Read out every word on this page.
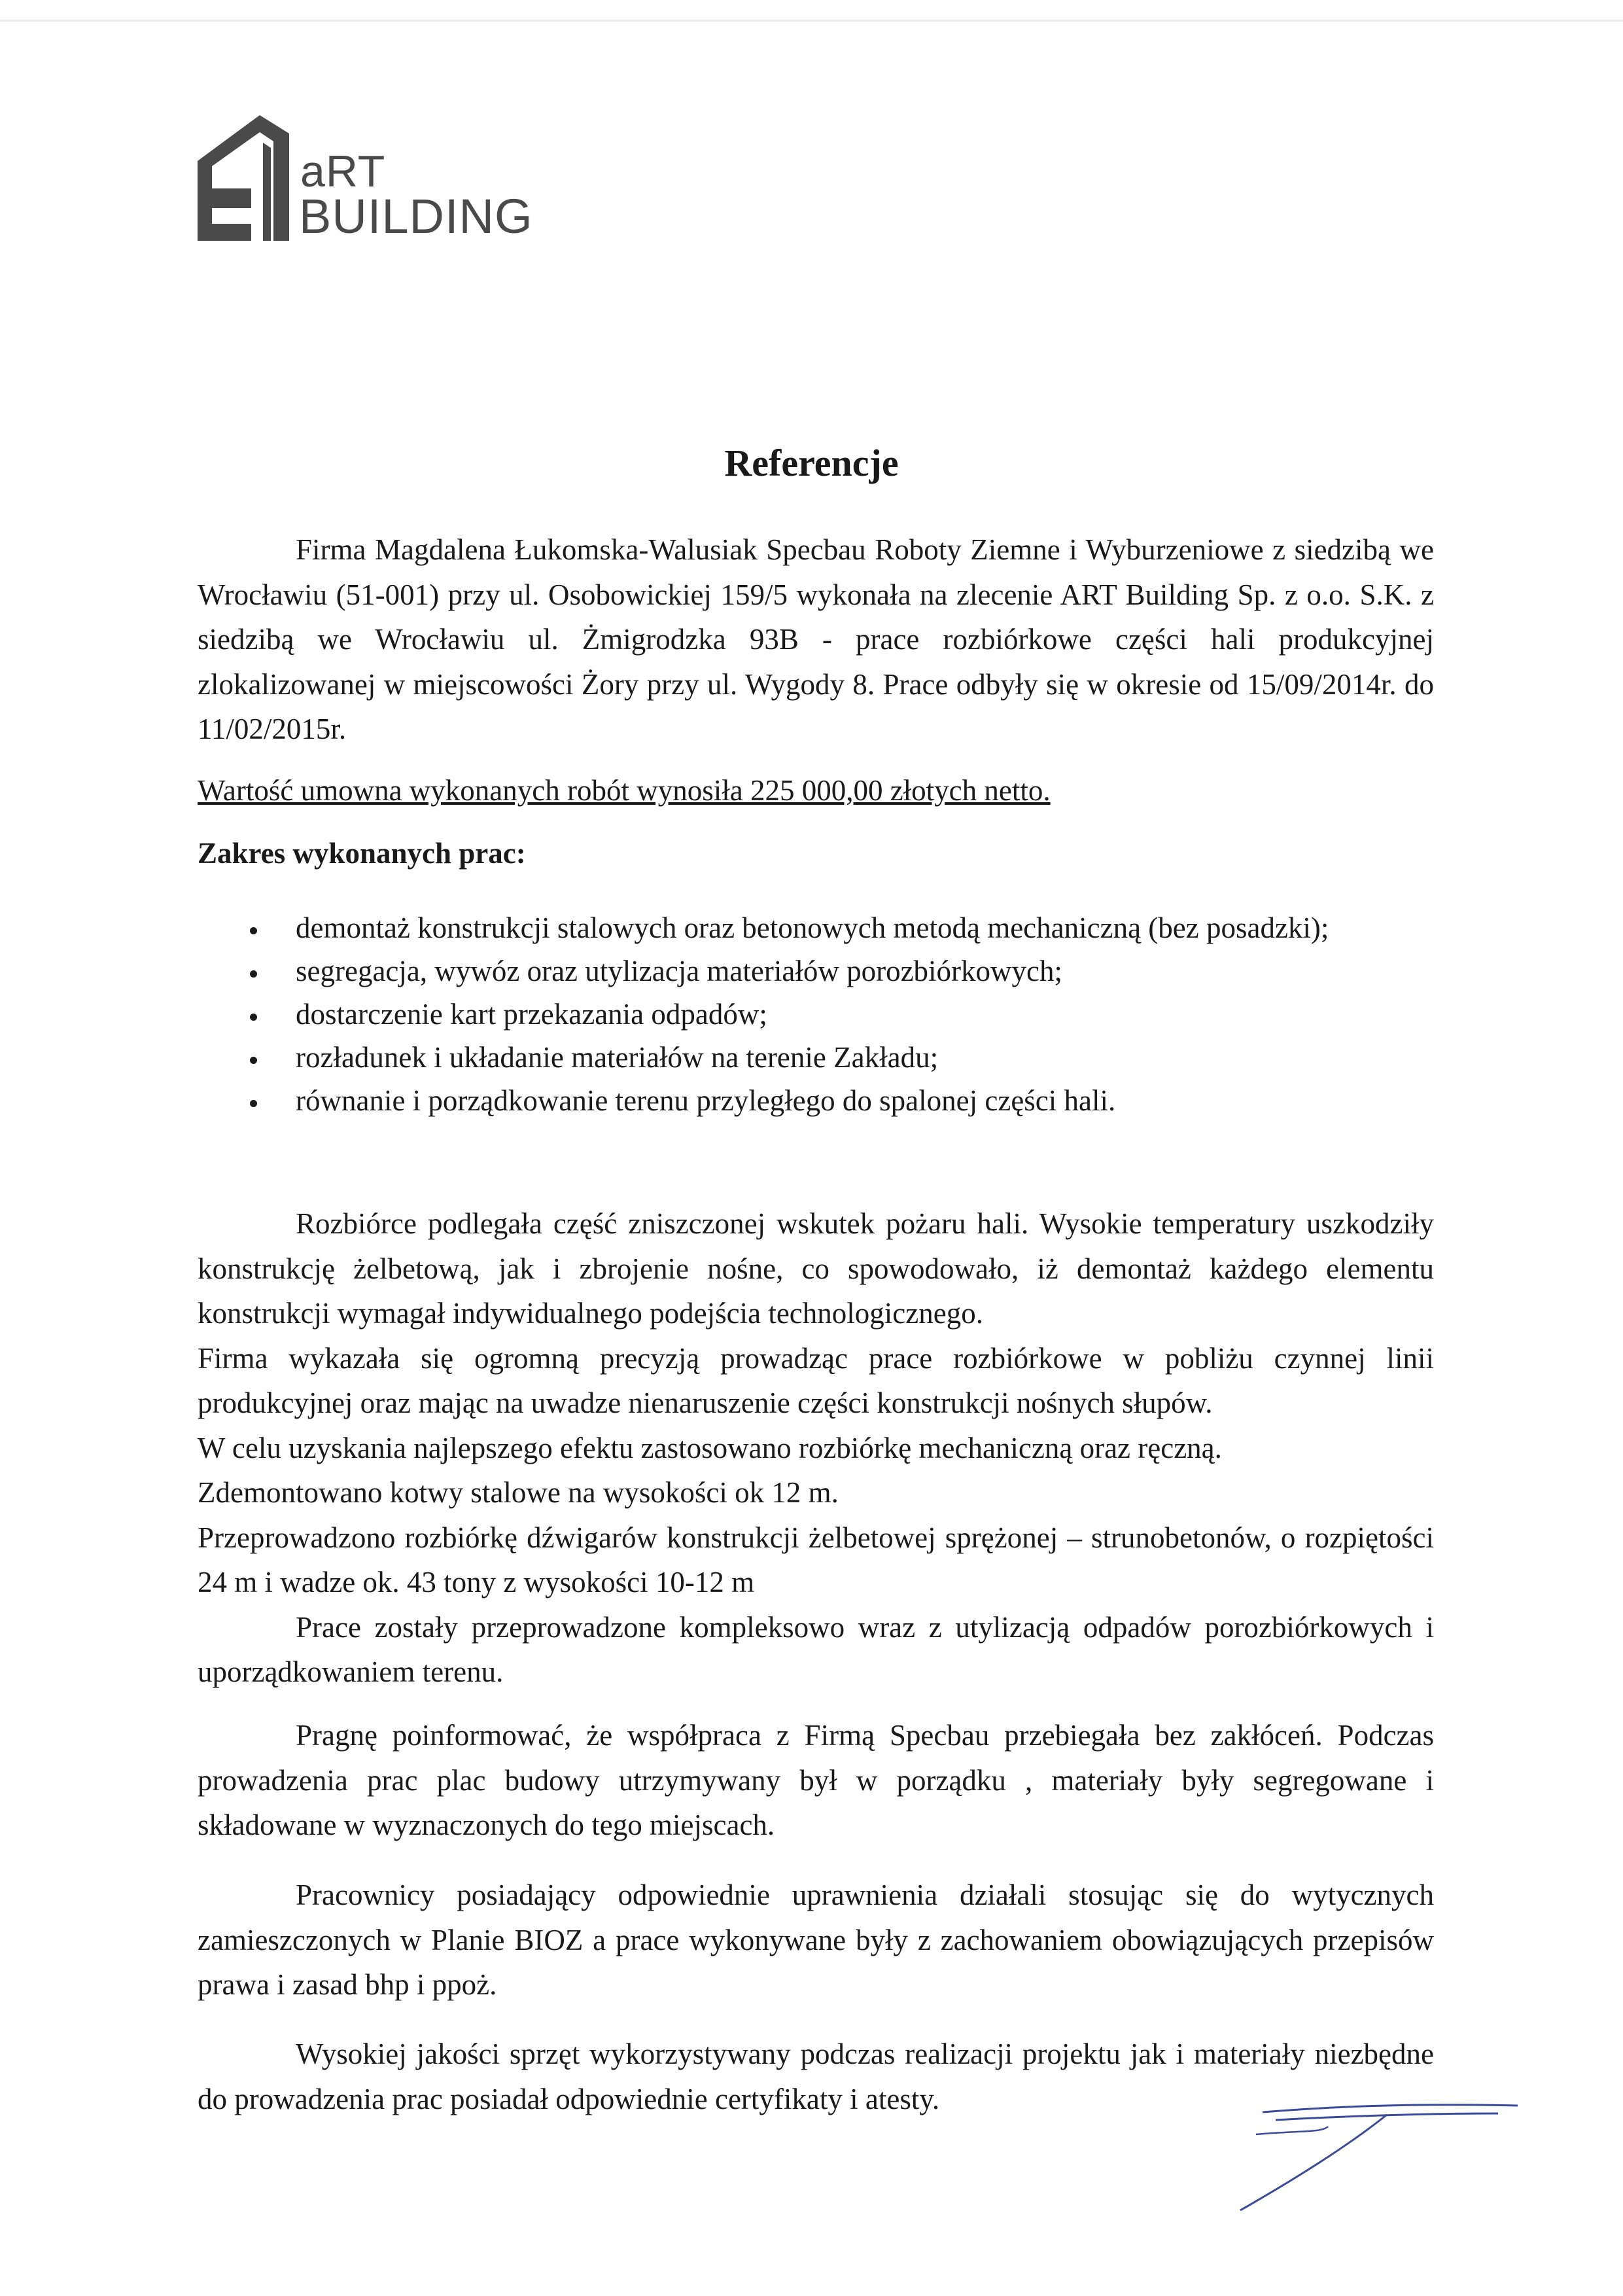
aRT

BUILDING

Referencje

Firma Magdalena Łukomska-Walusiak Specbau Roboty Ziemne i Wyburzeniowe z siedzibą we Wrocławiu (51-001) przy ul. Osobowickiej 159/5 wykonała na zlecenie ART Building Sp. z o.o. S.K. z siedzibą we Wrocławiu ul. Żmigrodzka 93B - prace rozbiórkowe części hali produkcyjnej zlokalizowanej w miejscowości Żory przy ul. Wygody 8. Prace odbyły się w okresie od 15/09/2014r. do 11/02/2015r.

Wartość umowna wykonanych robót wynosiła 225 000,00 złotych netto.

Zakres wykonanych prac:

demontaż konstrukcji stalowych oraz betonowych metodą mechaniczną (bez posadzki);
segregacja, wywóz oraz utylizacja materiałów porozbiórkowych;
dostarczenie kart przekazania odpadów;
rozładunek i układanie materiałów na terenie Zakładu;
równanie i porządkowanie terenu przyległego do spalonej części hali.

Rozbiórce podlegała część zniszczonej wskutek pożaru hali. Wysokie temperatury uszkodziły konstrukcję żelbetową, jak i zbrojenie nośne, co spowodowało, iż demontaż każdego elementu konstrukcji wymagał indywidualnego podejścia technologicznego.

Firma wykazała się ogromną precyzją prowadząc prace rozbiórkowe w pobliżu czynnej linii produkcyjnej oraz mając na uwadze nienaruszenie części konstrukcji nośnych słupów.

W celu uzyskania najlepszego efektu zastosowano rozbiórkę mechaniczną oraz ręczną.

Zdemontowano kotwy stalowe na wysokości ok 12 m.

Przeprowadzono rozbiórkę dźwigarów konstrukcji żelbetowej sprężonej – strunobetonów, o rozpiętości 24 m i wadze ok. 43 tony z wysokości 10-12 m

Prace zostały przeprowadzone kompleksowo wraz z utylizacją odpadów porozbiórkowych i uporządkowaniem terenu.

Pragnę poinformować, że współpraca z Firmą Specbau przebiegała bez zakłóceń. Podczas prowadzenia prac plac budowy utrzymywany był w porządku , materiały były segregowane i składowane w wyznaczonych do tego miejscach.

Pracownicy posiadający odpowiednie uprawnienia działali stosując się do wytycznych zamieszczonych w Planie BIOZ a prace wykonywane były z zachowaniem obowiązujących przepisów prawa i zasad bhp i ppoż.

Wysokiej jakości sprzęt wykorzystywany podczas realizacji projektu jak i materiały niezbędne do prowadzenia prac posiadał odpowiednie certyfikaty i atesty.
